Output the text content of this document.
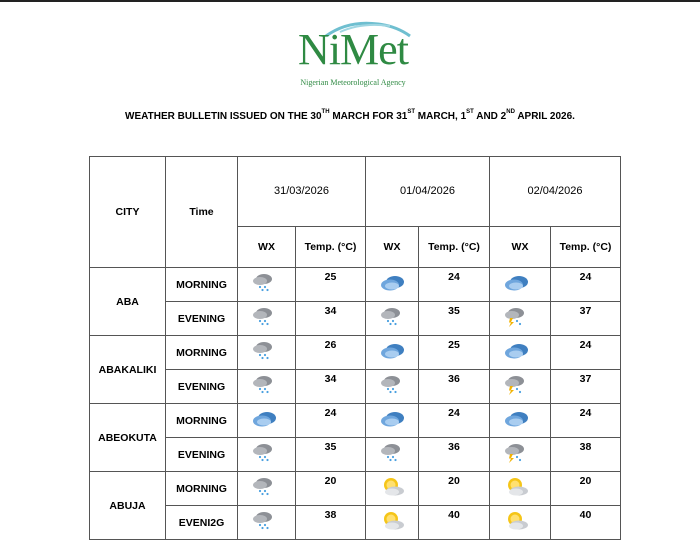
NiMet
Nigerian Meteorological Agency
WEATHER BULLETIN ISSUED ON THE 30TH MARCH FOR 31ST MARCH, 1ST AND 2ND APRIL 2026.
CITY	Time	31/03/2026		01/04/2026		02/04/2026	
		WX	Temp. (°C)	WX	Temp. (°C)	WX	Temp. (°C)
ABA	MORNING		25		24		24
	EVENING		34		35		37
ABAKALIKI	MORNING		26		25		24
	EVENING		34		36		37
ABEOKUTA	MORNING		24		24		24
	EVENING		35		36		38
ABUJA	MORNING		20		20		20
	EVENI2G		38		40		40
